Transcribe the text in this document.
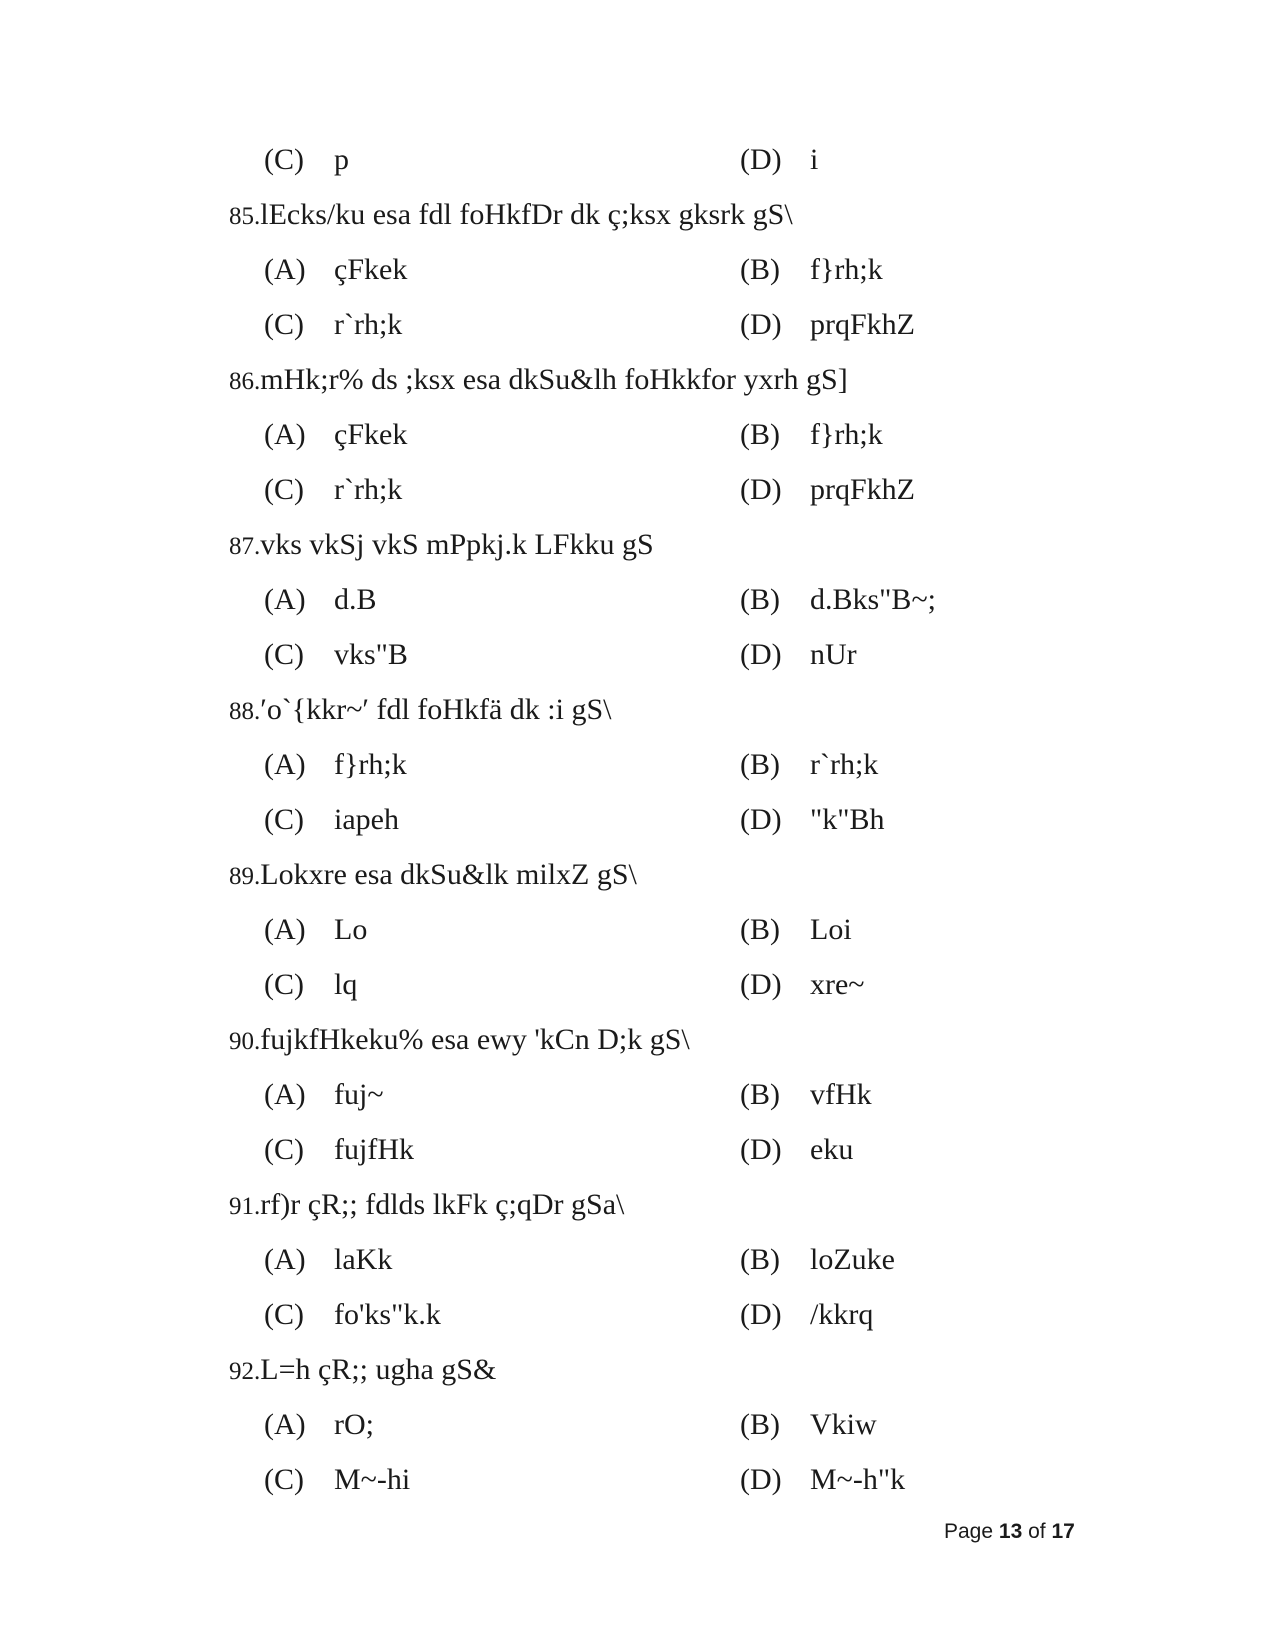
(C) p	(D) i
85.lEcks/ku esa fdl foHkfDr dk ç;ksx gksrk gS\
(A) çFkek	(B) f}rh;k
(C) r`rh;k	(D) prqFkhZ
86.mHk;r% ds ;ksx esa dkSu&lh foHkkfor yxrh gS]
(A) çFkek	(B) f}rh;k
(C) r`rh;k	(D) prqFkhZ
87.vks vkSj vkS mPpkj.k LFkku gS
(A) d.B	(B) d.Bks"B~;
(C) vks"B	(D) nUr
88.′o`{kkr~′ fdl foHkfä dk :i gS\
(A) f}rh;k	(B) r`rh;k
(C) iapeh	(D) "k"Bh
89.Lokxre esa dkSu&lk milxZ gS\
(A) Lo	(B) Loi
(C) lq	(D) xre~
90.fujkfHkeku% esa ewy 'kCn D;k gS\
(A) fuj~	(B) vfHk
(C) fujfHk	(D) eku
91.rf)r çR;; fdlds lkFk ç;qDr gSa\
(A) laKk	(B) loZuke
(C) fo'ks"k.k	(D) /kkrq
92.L=h çR;; ugha gS&
(A) rO;	(B) Vkiw
(C) M~-hi	(D) M~-h"k
Page 13 of 17
